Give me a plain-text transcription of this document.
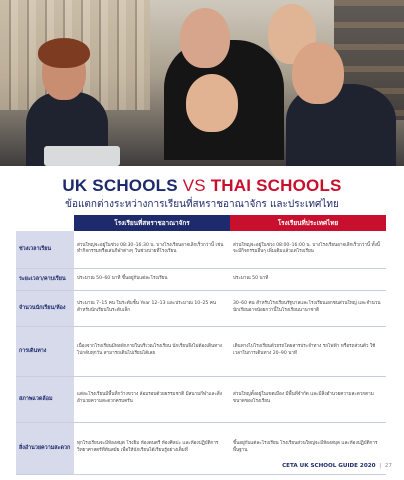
UK SCHOOLS VS THAI SCHOOLS
ข้อแตกต่างระหว่างการเรียนที่สหราชอาณาจักร และประเทศไทย
	โรงเรียนที่สหราชอาณาจักร	โรงเรียนที่ประเทศไทย
ช่วงเวลาเรียน	ส่วนใหญ่จะอยู่ในช่วง 08:30–16:30 น. บางโรงเรียนอาจเลิกเร็วกว่านี้ เช่น ทำกิจกรรมหรือเล่นกีฬาต่างๆ ในช่วงบ่ายที่โรงเรียน	ส่วนใหญ่จะอยู่ในช่วง 08:00–16:00 น. บางโรงเรียนอาจเลิกเร็วกว่านี้ ทั้งนี้จะมีกิจกรรมอื่นๆ เพิ่มเติมแล้วแต่โรงเรียน
ระยะเวลา/คาบเรียน	ประมาณ 50–60 นาที ขึ้นอยู่กับแต่ละโรงเรียน	ประมาณ 50 นาที
จำนวนนักเรียน/ห้อง	ประมาณ 7–15 คน ในระดับชั้น Year 12–13 และประมาณ 10–25 คน สำหรับนักเรียนในระดับเล็ก	30–60 คน สำหรับโรงเรียนรัฐบาลและโรงเรียนเอกชนส่วนใหญ่ และจำนวนนักเรียนอาจน้อยกว่านี้ในโรงเรียนนานาชาติ
การเดินทาง	เนื่องจากโรงเรียนมีหอพักภายในบริเวณโรงเรียน นักเรียนจึงไม่ต้องเดินทางไปกลับทุกวัน สามารถเดินไปเรียนได้เลย	เดินทางไปโรงเรียนด้วยรถโดยสารประจำทาง รถไฟฟ้า หรือรถส่วนตัว ใช้เวลาในการเดินทาง 20–90 นาที
สภาพแวดล้อม	แต่ละโรงเรียนมีพื้นที่กว้างขวาง ล้อมรอบด้วยธรรมชาติ มีสนามกีฬาและสิ่งอำนวยความสะดวกครบครัน	ส่วนใหญ่ตั้งอยู่ในเขตเมือง มีพื้นที่จำกัด และมีสิ่งอำนวยความสะดวกตามขนาดของโรงเรียน
สิ่งอำนวยความสะดวก	ทุกโรงเรียนจะมีห้องสมุด โรงยิม ห้องดนตรี ห้องศิลปะ และห้องปฏิบัติการวิทยาศาสตร์ที่ทันสมัย เพื่อให้นักเรียนได้เรียนรู้อย่างเต็มที่	ขึ้นอยู่กับแต่ละโรงเรียน โรงเรียนส่วนใหญ่จะมีห้องสมุด และห้องปฏิบัติการพื้นฐาน
CETA UK SCHOOL GUIDE 2020  |  27
